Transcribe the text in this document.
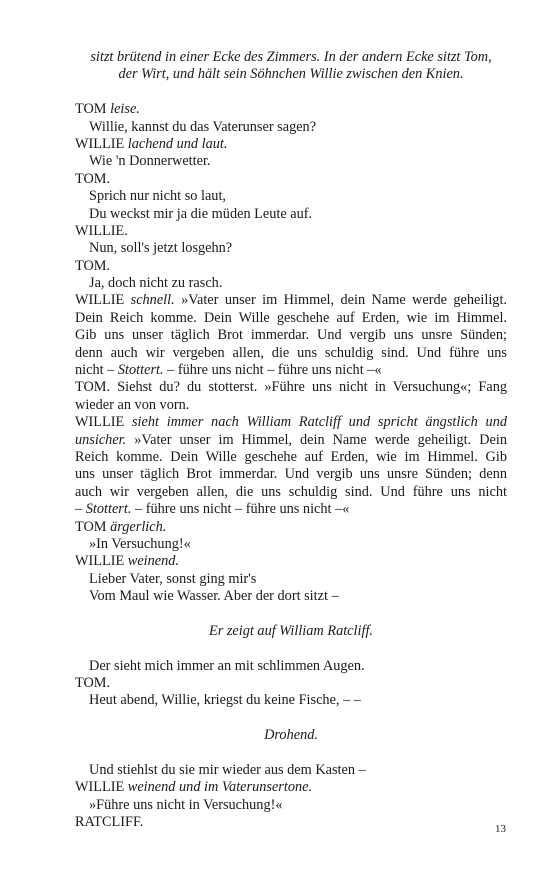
sitzt brütend in einer Ecke des Zimmers. In der andern Ecke sitzt Tom,
der Wirt, und hält sein Söhnchen Willie zwischen den Knien.
TOM leise.
Willie, kannst du das Vaterunser sagen?
WILLIE lachend und laut.
Wie 'n Donnerwetter.
TOM.
Sprich nur nicht so laut,
Du weckst mir ja die müden Leute auf.
WILLIE.
Nun, soll's jetzt losgehn?
TOM.
Ja, doch nicht zu rasch.
WILLIE schnell. »Vater unser im Himmel, dein Name werde geheiligt.
Dein Reich komme. Dein Wille geschehe auf Erden, wie im Himmel.
Gib uns unser täglich Brot immerdar. Und vergib uns unsre Sünden;
denn auch wir vergeben allen, die uns schuldig sind. Und führe uns
nicht – Stottert. – führe uns nicht – führe uns nicht –«
TOM. Siehst du? du stotterst. »Führe uns nicht in Versuchung«; Fang
wieder an von vorn.
WILLIE sieht immer nach William Ratcliff und spricht ängstlich und
unsicher. »Vater unser im Himmel, dein Name werde geheiligt. Dein
Reich komme. Dein Wille geschehe auf Erden, wie im Himmel. Gib
uns unser täglich Brot immerdar. Und vergib uns unsre Sünden; denn
auch wir vergeben allen, die uns schuldig sind. Und führe uns nicht
– Stottert. – führe uns nicht – führe uns nicht –«
TOM ärgerlich.
»In Versuchung!«
WILLIE weinend.
Lieber Vater, sonst ging mir's
Vom Maul wie Wasser. Aber der dort sitzt –
Er zeigt auf William Ratcliff.
Der sieht mich immer an mit schlimmen Augen.
TOM.
Heut abend, Willie, kriegst du keine Fische, – –
Drohend.
Und stiehlst du sie mir wieder aus dem Kasten –
WILLIE weinend und im Vaterunsertone.
»Führe uns nicht in Versuchung!«
RATCLIFF.	13
